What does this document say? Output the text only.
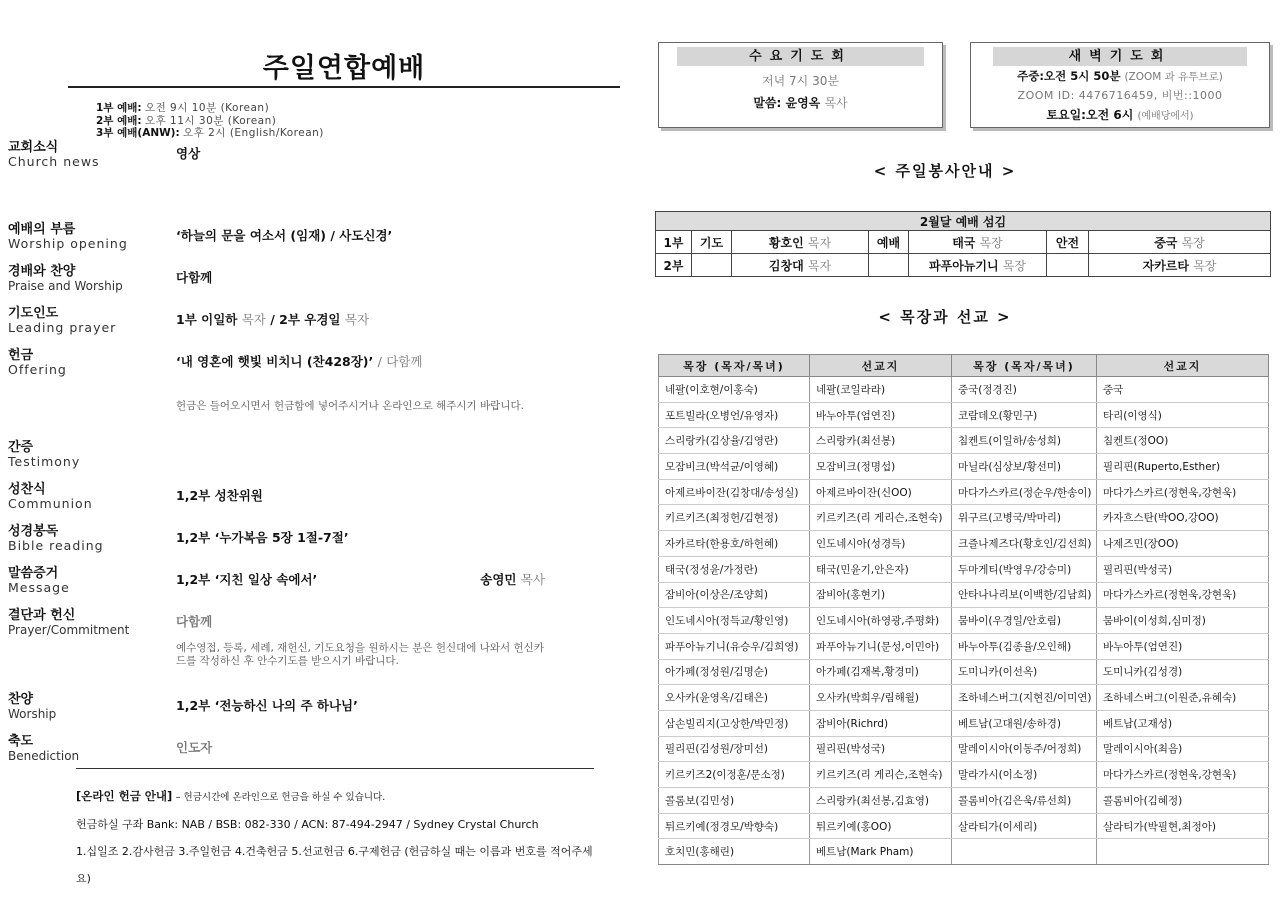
주일연합예배
1부 예배: 오전 9시 10분 (Korean)
2부 예배: 오후 11시 30분 (Korean)
3부 예배(ANW): 오후 2시 (English/Korean)
교회소식
Church news
영상
예배의 부름
Worship opening
‘하늘의 문을 여소서 (임재) / 사도신경’
경배와 찬양
Praise and Worship
다함께
기도인도
Leading prayer
1부 이일하 목자 / 2부 우경일 목자
헌금
Offering
‘내 영혼에 햇빛 비치니 (찬428장)’ / 다함께
헌금은 들어오시면서 헌금함에 넣어주시거나 온라인으로 해주시기 바랍니다.
간증
Testimony
성찬식
Communion
1,2부 성찬위원
성경봉독
Bible reading
1,2부 ‘누가복음 5장 1절-7절’
말씀증거
Message
1,2부 ‘지친 일상 속에서’	송영민 목사
결단과 헌신
Prayer/Commitment
다함께
예수영접, 등록, 세례, 재헌신, 기도요청을 원하시는 분은 헌신대에 나와서 헌신카드를 작성하신 후 안수기도를 받으시기 바랍니다.
찬양
Worship
1,2부 ‘전능하신 나의 주 하나님’
축도
Benediction
인도자
[온라인 헌금 안내] – 헌금시간에 온라인으로 헌금을 하실 수 있습니다.
헌금하실 구좌 Bank: NAB / BSB: 082-330 / ACN: 87-494-2947 / Sydney Crystal Church
1.십일조 2.감사헌금 3.주일헌금 4.건축헌금 5.선교헌금 6.구제헌금 (헌금하실 때는 이름과 번호를 적어주세요)
수요기도회
저녁 7시 30분
말씀: 윤영옥 목사
새벽기도회
주중:오전 5시 50분 (ZOOM 과 유투브로)
ZOOM ID: 4476716459, 비번::1000
토요일:오전 6시 (예배당에서)
< 주일봉사안내 >
2월달 예배 섬김						
1부	기도	황호인 목자	예배	태국 목장	안전	중국 목장
2부		김창대 목자		파푸아뉴기니 목장		자카르타 목장
< 목장과 선교 >
목장 (목자/목녀)	선교지	목장 (목자/목녀)	선교지
네팔(이호현/이홍숙)	네팔(코일라라)	중국(정경진)	중국
포트빌라(오병언/유영자)	바누아투(엄연진)	코람데오(황민구)	타리(이영식)
스리랑카(김상율/김영란)	스리랑카(최선봉)	침켄트(이일하/송성희)	침켄트(정OO)
모잠비크(박석균/이영혜)	모잠비크(정명섭)	마닐라(심상보/황선미)	필리핀(Ruperto,Esther)
아제르바이잔(김창대/송성실)	아제르바이잔(신OO)	마다가스카르(정순우/한송이)	마다가스카르(정현욱,강현욱)
키르키즈(최정헌/김현정)	키르키즈(리 게리슨,조현숙)	위구르(고병국/박마리)	카자흐스탄(박OO,강OO)
자카르타(한용호/하헌혜)	인도네시아(성경득)	크즐나제즈다(황호인/김선희)	나제즈민(장OO)
태국(정성윤/가정란)	태국(민윤기,안은자)	두마게티(박영우/강승미)	필리핀(박성국)
잠비아(이상은/조양희)	잠비아(홍현기)	안타나나리보(이백한/김남희)	마다가스카르(정현욱,강현욱)
인도네시아(정득교/황인영)	인도네시아(하영광,주평화)	뭄바이(우경일/안호림)	뭄바이(이성희,심미정)
파푸아뉴기니(유승우/김희영)	파푸아뉴기니(문성,이민아)	바누아투(김종율/오인해)	바누아투(엄연진)
아가페(정성원/김명순)	아가페(김재복,황경미)	도미니카(이선옥)	도미니카(김성경)
오사카(윤영옥/김태은)	오사카(박희우/림해월)	조하네스버그(지현진/이미연)	조하네스버그(이원준,유혜숙)
삼손빌리지(고상한/박민정)	잠비아(Richrd)	베트남(고대원/송하경)	베트남(고재성)
필리핀(김성원/장미선)	필리핀(박성국)	말레이시아(이동주/어정희)	말레이시아(최음)
키르키즈2(이정훈/문소정)	키르키즈(리 게리슨,조현숙)	말라가시(이소정)	마다가스카르(정현욱,강현욱)
콜롬보(김민성)	스리랑카(최선봉,김효영)	콜롬비아(김은욱/류선희)	콜롬비아(김혜정)
튀르키예(정경모/박향숙)	튀르키예(홍OO)	살라티가(이세리)	살라티가(박필현,최정아)
호치민(홍해린)	베트남(Mark Pham)		
